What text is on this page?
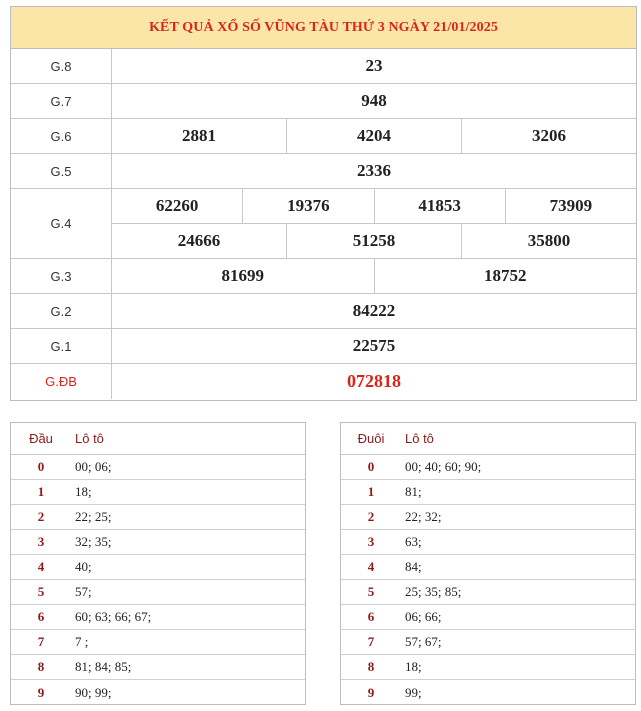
KẾT QUẢ XỔ SỐ VŨNG TÀU THỨ 3 NGÀY 21/01/2025
G.8	23
G.7	948
G.6	2881	4204	3206
G.5	2336
G.4
62260	19376	41853	73909
24666	51258	35800
G.3	81699	18752
G.2	84222
G.1	22575
G.ĐB	072818
Đầu	Lô tô
0	00; 06;
1	18;
2	22; 25;
3	32; 35;
4	40;
5	57;
6	60; 63; 66; 67;
7	7 ;
8	81; 84; 85;
9	90; 99;
Đuôi	Lô tô
0	00; 40; 60; 90;
1	81;
2	22; 32;
3	63;
4	84;
5	25; 35; 85;
6	06; 66;
7	57; 67;
8	18;
9	99;
